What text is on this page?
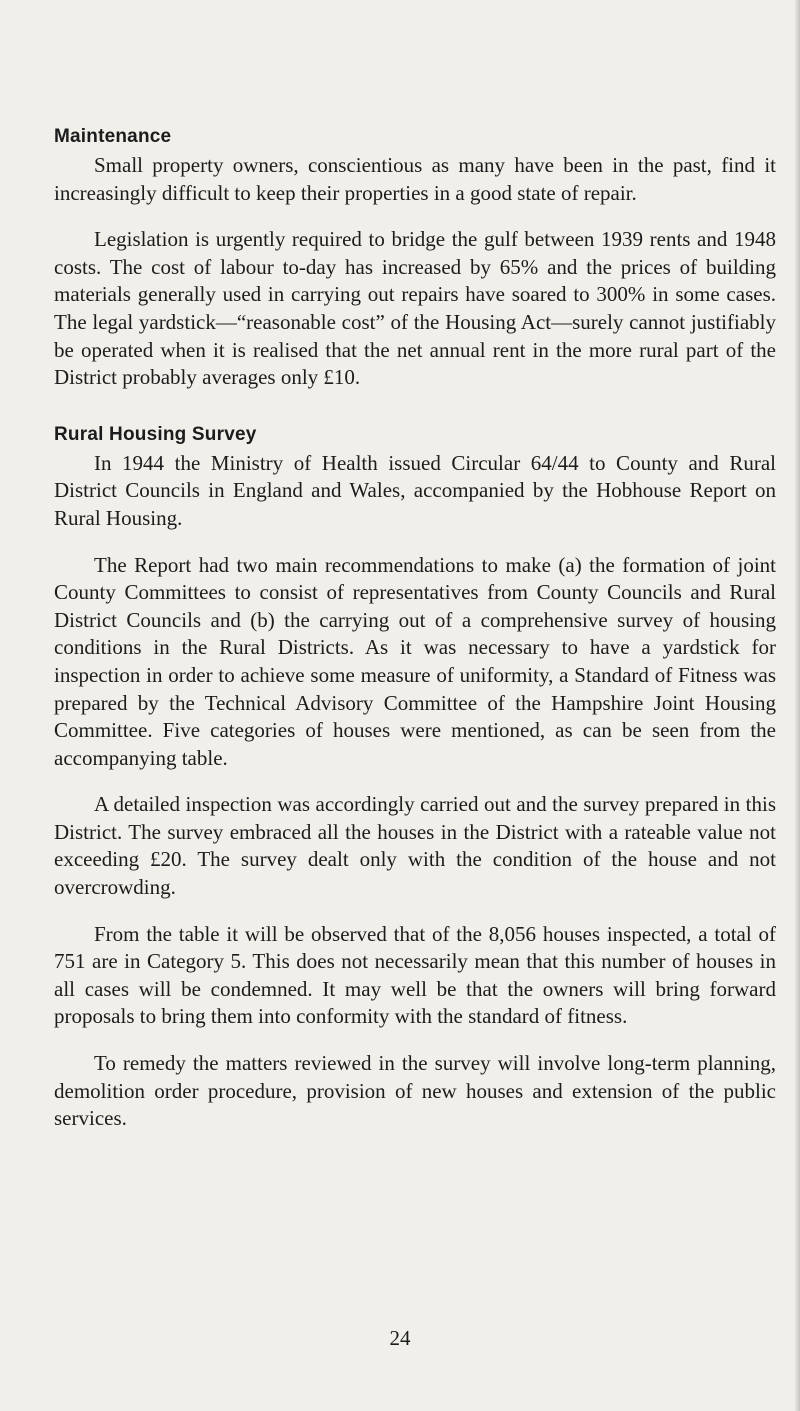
Maintenance

Small property owners, conscientious as many have been in the past, find it increasingly difficult to keep their properties in a good state of repair.

Legislation is urgently required to bridge the gulf between 1939 rents and 1948 costs. The cost of labour to-day has increased by 65% and the prices of building materials generally used in carrying out repairs have soared to 300% in some cases. The legal yardstick—“reasonable cost” of the Housing Act—surely cannot justifiably be operated when it is realised that the net annual rent in the more rural part of the District probably averages only £10.

Rural Housing Survey

In 1944 the Ministry of Health issued Circular 64/44 to County and Rural District Councils in England and Wales, accompanied by the Hobhouse Report on Rural Housing.

The Report had two main recommendations to make (a) the formation of joint County Committees to consist of representatives from County Councils and Rural District Councils and (b) the carrying out of a comprehensive survey of housing conditions in the Rural Districts. As it was necessary to have a yardstick for inspection in order to achieve some measure of uniformity, a Standard of Fitness was prepared by the Technical Advisory Committee of the Hampshire Joint Housing Committee. Five categories of houses were mentioned, as can be seen from the accompanying table.

A detailed inspection was accordingly carried out and the survey prepared in this District. The survey embraced all the houses in the District with a rateable value not exceeding £20. The survey dealt only with the condition of the house and not overcrowding.

From the table it will be observed that of the 8,056 houses inspected, a total of 751 are in Category 5. This does not necessarily mean that this number of houses in all cases will be condemned. It may well be that the owners will bring forward proposals to bring them into conformity with the standard of fitness.

To remedy the matters reviewed in the survey will involve long-term planning, demolition order procedure, provision of new houses and extension of the public services.

24
